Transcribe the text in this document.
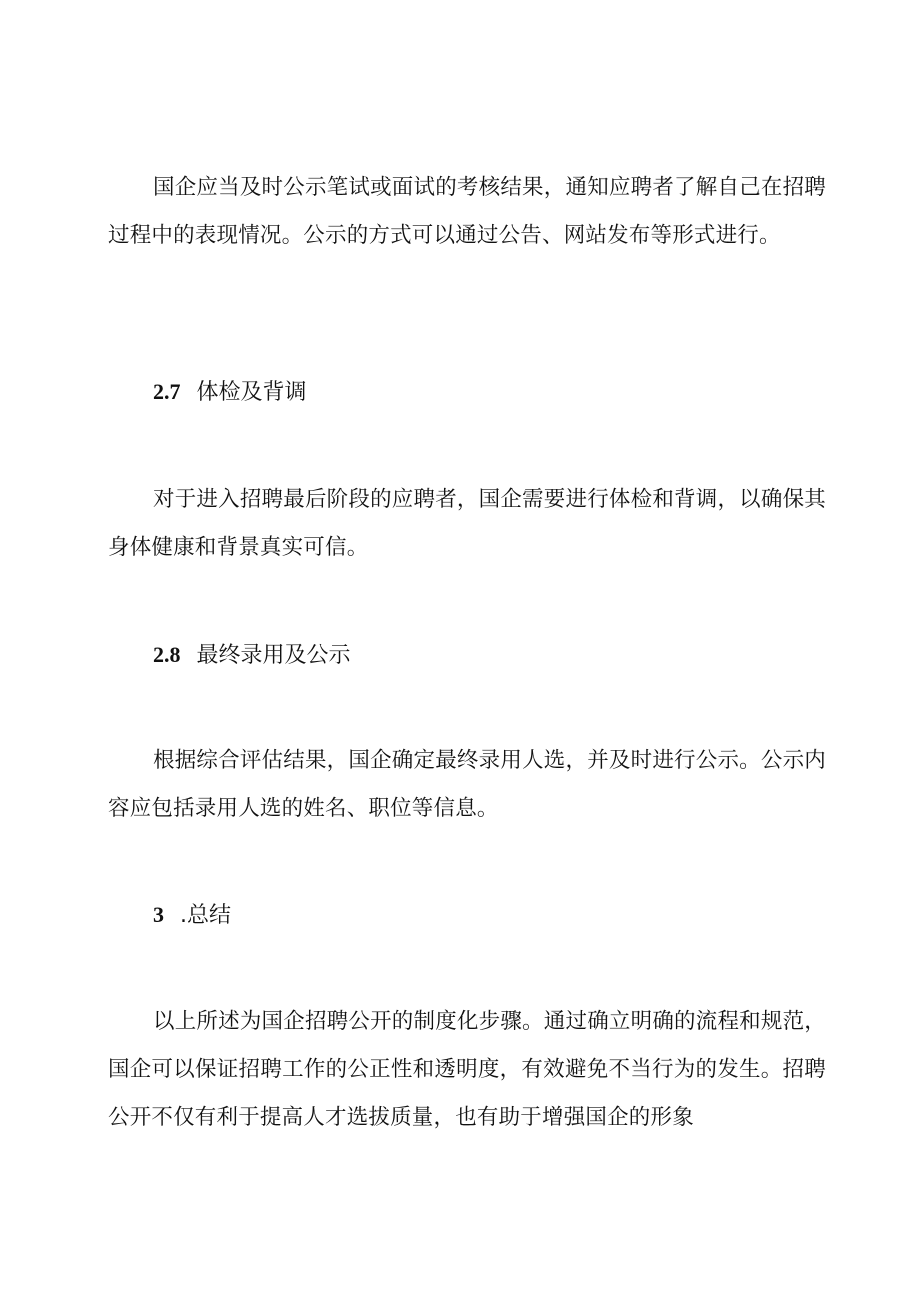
国企应当及时公示笔试或面试的考核结果，通知应聘者了解自己在招聘过程中的表现情况。公示的方式可以通过公告、网站发布等形式进行。

2.7 体检及背调

对于进入招聘最后阶段的应聘者，国企需要进行体检和背调，以确保其身体健康和背景真实可信。

2.8 最终录用及公示

根据综合评估结果，国企确定最终录用人选，并及时进行公示。公示内容应包括录用人选的姓名、职位等信息。

3 .总结

以上所述为国企招聘公开的制度化步骤。通过确立明确的流程和规范，国企可以保证招聘工作的公正性和透明度，有效避免不当行为的发生。招聘公开不仅有利于提高人才选拔质量，也有助于增强国企的形象
